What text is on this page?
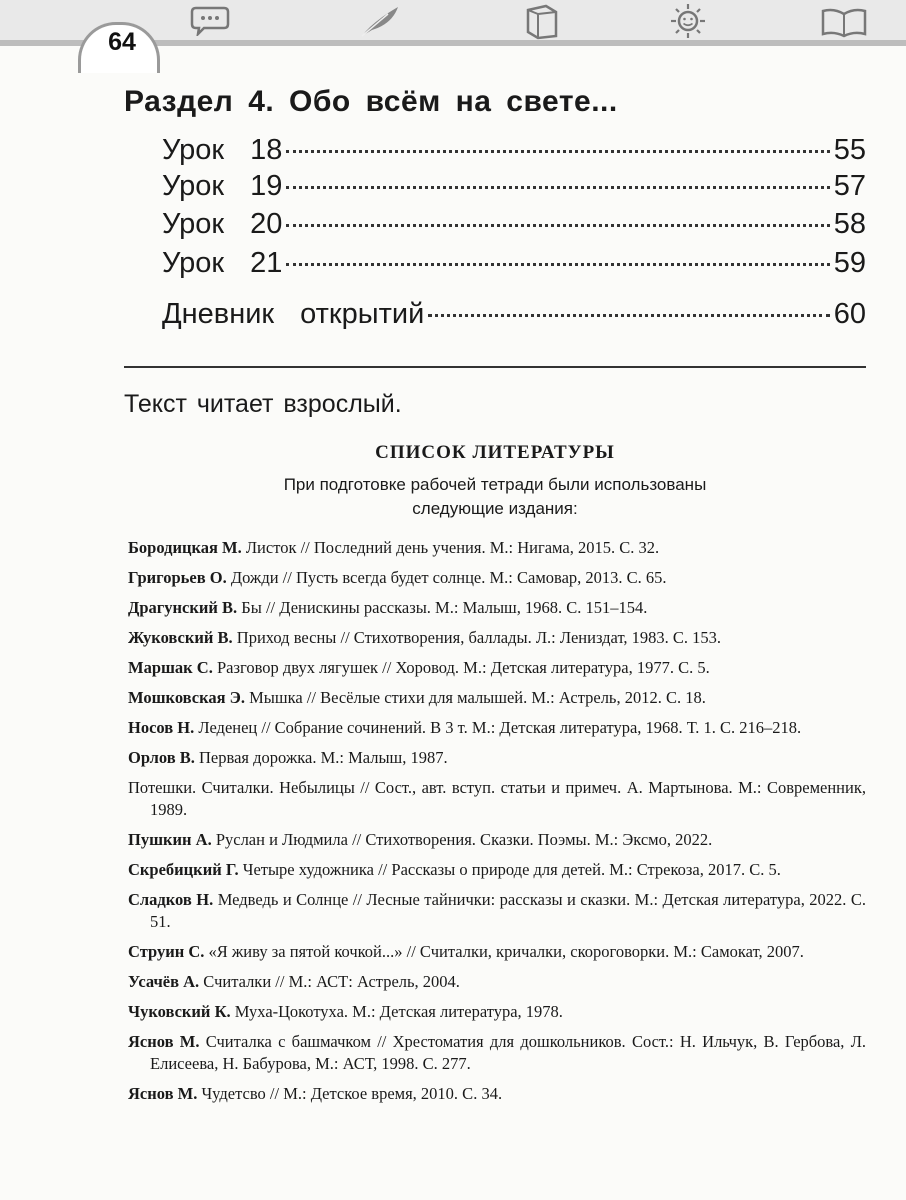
64
Раздел 4. Обо всём на свете...
Урок 18	55
Урок 19	57
Урок 20	58
Урок 21	59
Дневник открытий	60
Текст читает взрослый.
СПИСОК ЛИТЕРАТУРЫ
При подготовке рабочей тетради были использованы
следующие издания:
Бородицкая М. Листок // Последний день учения. М.: Нигама, 2015. С. 32.
Григорьев О. Дожди // Пусть всегда будет солнце. М.: Самовар, 2013. С. 65.
Драгунский В. Бы // Денискины рассказы. М.: Малыш, 1968. С. 151–154.
Жуковский В. Приход весны // Стихотворения, баллады. Л.: Лениздат, 1983. С. 153.
Маршак С. Разговор двух лягушек // Хоровод. М.: Детская литература, 1977. С. 5.
Мошковская Э. Мышка // Весёлые стихи для малышей. М.: Астрель, 2012. С. 18.
Носов Н. Леденец // Собрание сочинений. В 3 т. М.: Детская литература, 1968. Т. 1. С. 216–218.
Орлов В. Первая дорожка. М.: Малыш, 1987.
Потешки. Считалки. Небылицы // Сост., авт. вступ. статьи и примеч. А. Мартынова. М.: Современник, 1989.
Пушкин А. Руслан и Людмила // Стихотворения. Сказки. Поэмы. М.: Эксмо, 2022.
Скребицкий Г. Четыре художника // Рассказы о природе для детей. М.: Стрекоза, 2017. С. 5.
Сладков Н. Медведь и Солнце // Лесные тайнички: рассказы и сказки. М.: Детская литература, 2022. С. 51.
Струин С. «Я живу за пятой кочкой...» // Считалки, кричалки, скороговорки. М.: Самокат, 2007.
Усачёв А. Считалки // М.: АСТ: Астрель, 2004.
Чуковский К. Муха-Цокотуха. М.: Детская литература, 1978.
Яснов М. Считалка с башмачком // Хрестоматия для дошкольников. Сост.: Н. Ильчук, В. Гербова, Л. Елисеева, Н. Бабурова, М.: АСТ, 1998. С. 277.
Яснов М. Чудетсво // М.: Детское время, 2010. С. 34.
